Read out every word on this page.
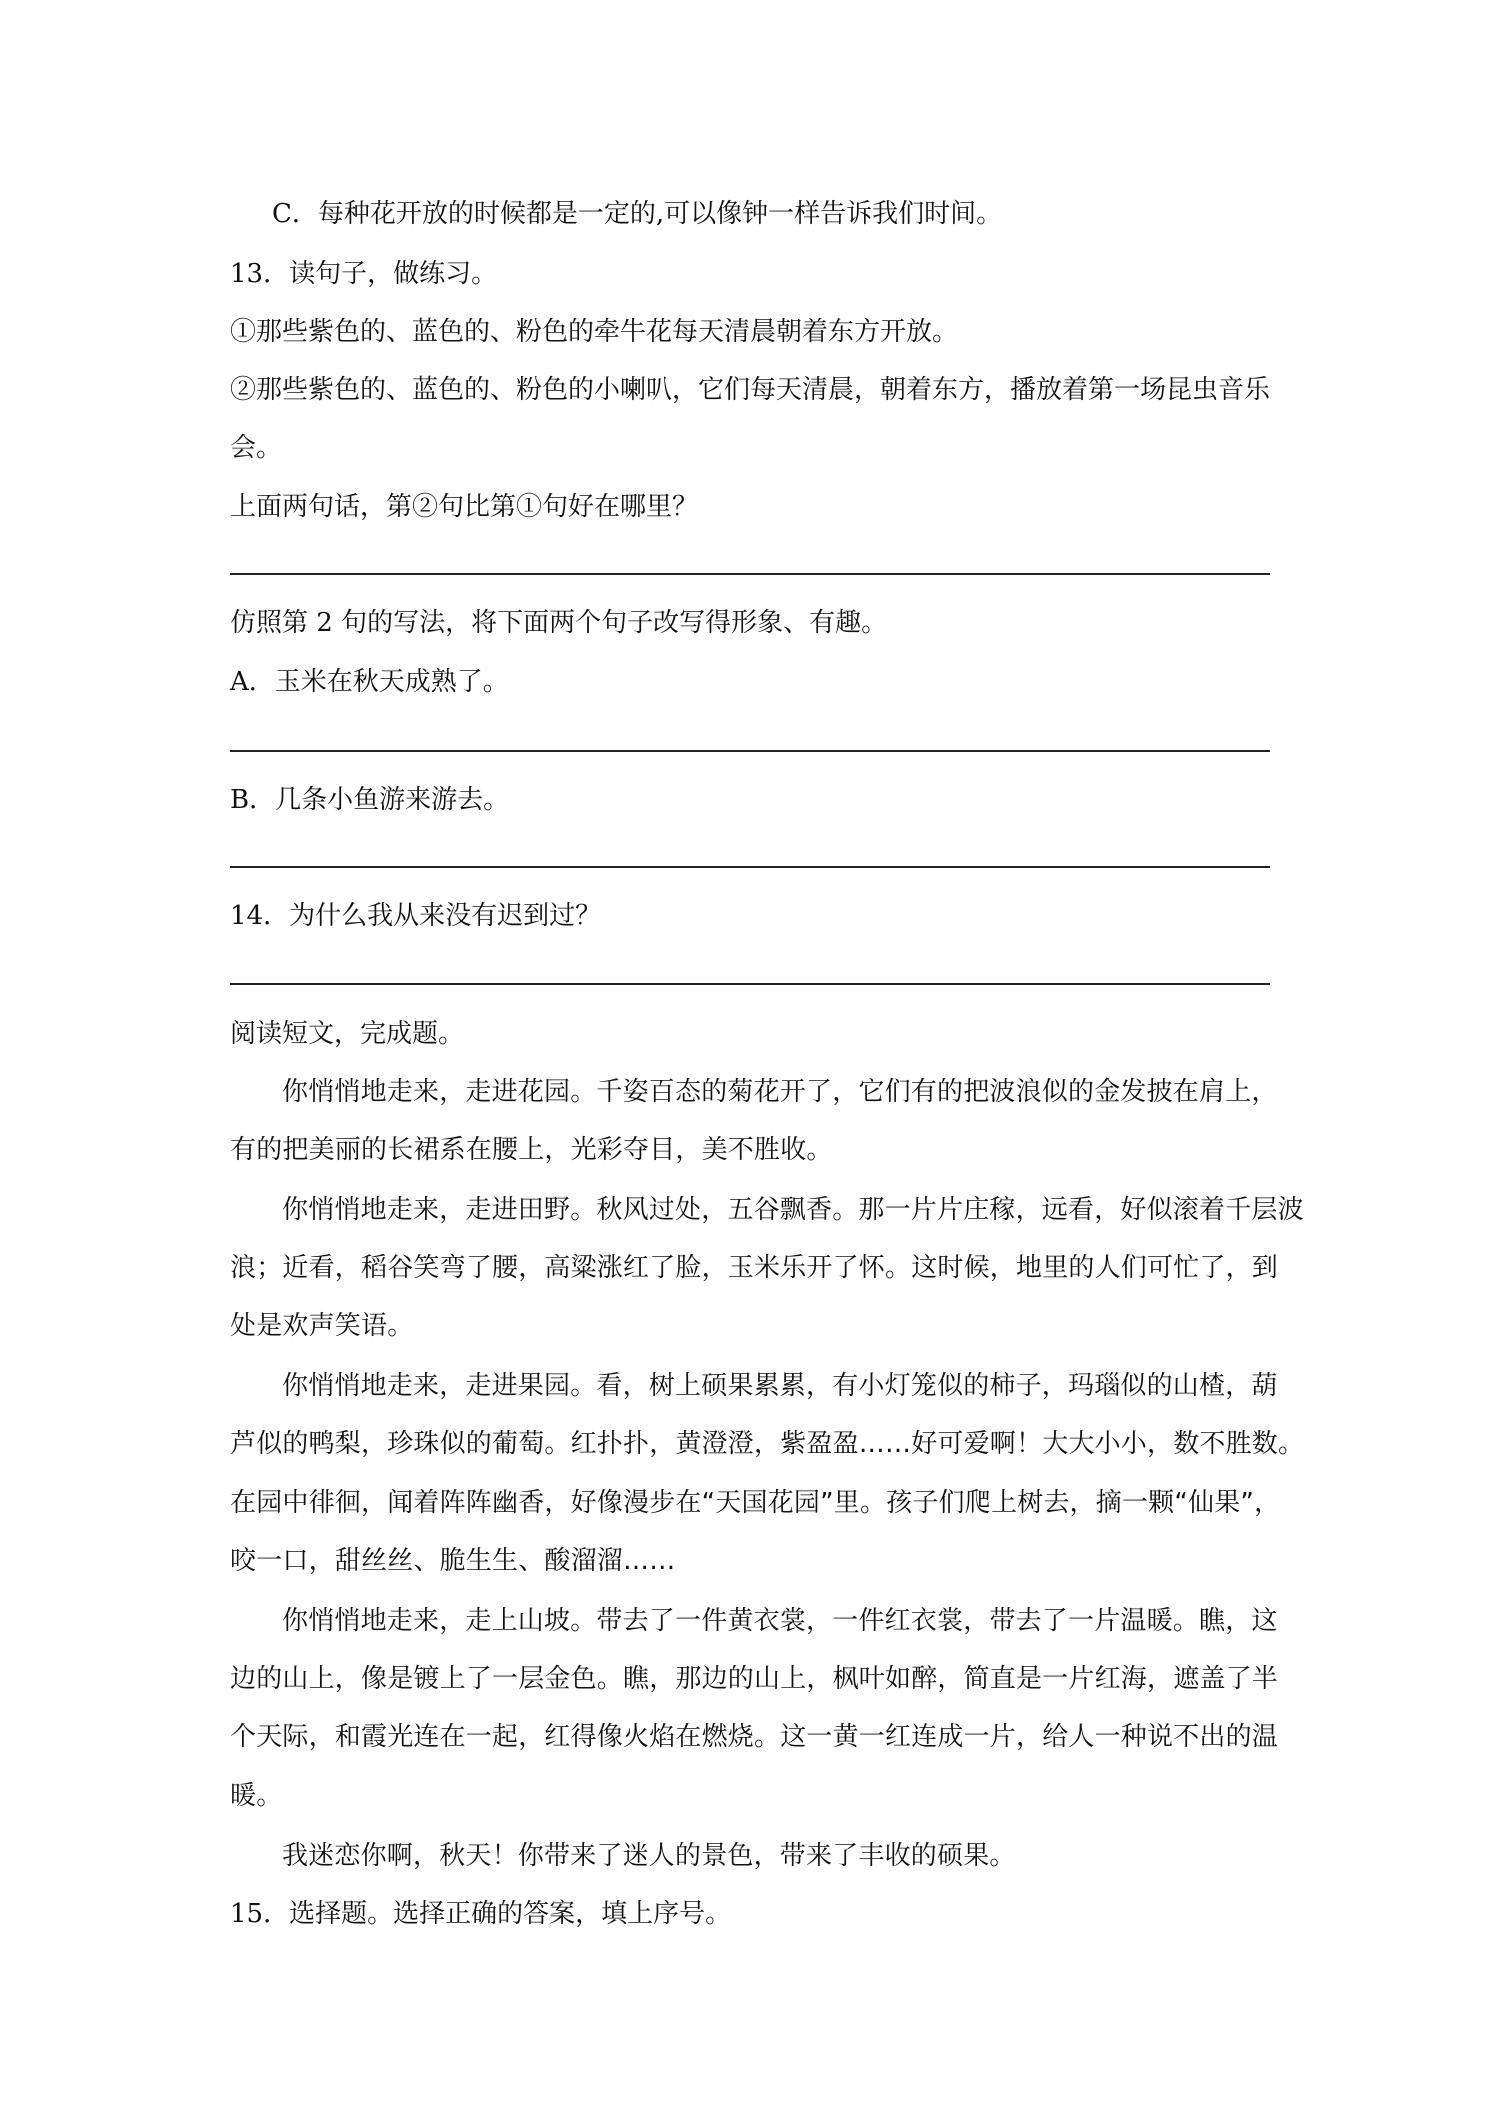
C．每种花开放的时候都是一定的,可以像钟一样告诉我们时间。
13．读句子，做练习。
①那些紫色的、蓝色的、粉色的牵牛花每天清晨朝着东方开放。
②那些紫色的、蓝色的、粉色的小喇叭，它们每天清晨，朝着东方，播放着第一场昆虫音乐
会。
上面两句话，第②句比第①句好在哪里？
仿照第 2 句的写法，将下面两个句子改写得形象、有趣。
A．玉米在秋天成熟了。
B．几条小鱼游来游去。
14．为什么我从来没有迟到过？
阅读短文，完成题。
你悄悄地走来，走进花园。千姿百态的菊花开了，它们有的把波浪似的金发披在肩上，
有的把美丽的长裙系在腰上，光彩夺目，美不胜收。
你悄悄地走来，走进田野。秋风过处，五谷飘香。那一片片庄稼，远看，好似滚着千层波
浪；近看，稻谷笑弯了腰，高粱涨红了脸，玉米乐开了怀。这时候，地里的人们可忙了，到
处是欢声笑语。
你悄悄地走来，走进果园。看，树上硕果累累，有小灯笼似的柿子，玛瑙似的山楂，葫
芦似的鸭梨，珍珠似的葡萄。红扑扑，黄澄澄，紫盈盈……好可爱啊！大大小小，数不胜数。
在园中徘徊，闻着阵阵幽香，好像漫步在“天国花园”里。孩子们爬上树去，摘一颗“仙果”，
咬一口，甜丝丝、脆生生、酸溜溜……
你悄悄地走来，走上山坡。带去了一件黄衣裳，一件红衣裳，带去了一片温暖。瞧，这
边的山上，像是镀上了一层金色。瞧，那边的山上，枫叶如醉，简直是一片红海，遮盖了半
个天际，和霞光连在一起，红得像火焰在燃烧。这一黄一红连成一片，给人一种说不出的温
暖。
我迷恋你啊，秋天！你带来了迷人的景色，带来了丰收的硕果。
15．选择题。选择正确的答案，填上序号。
